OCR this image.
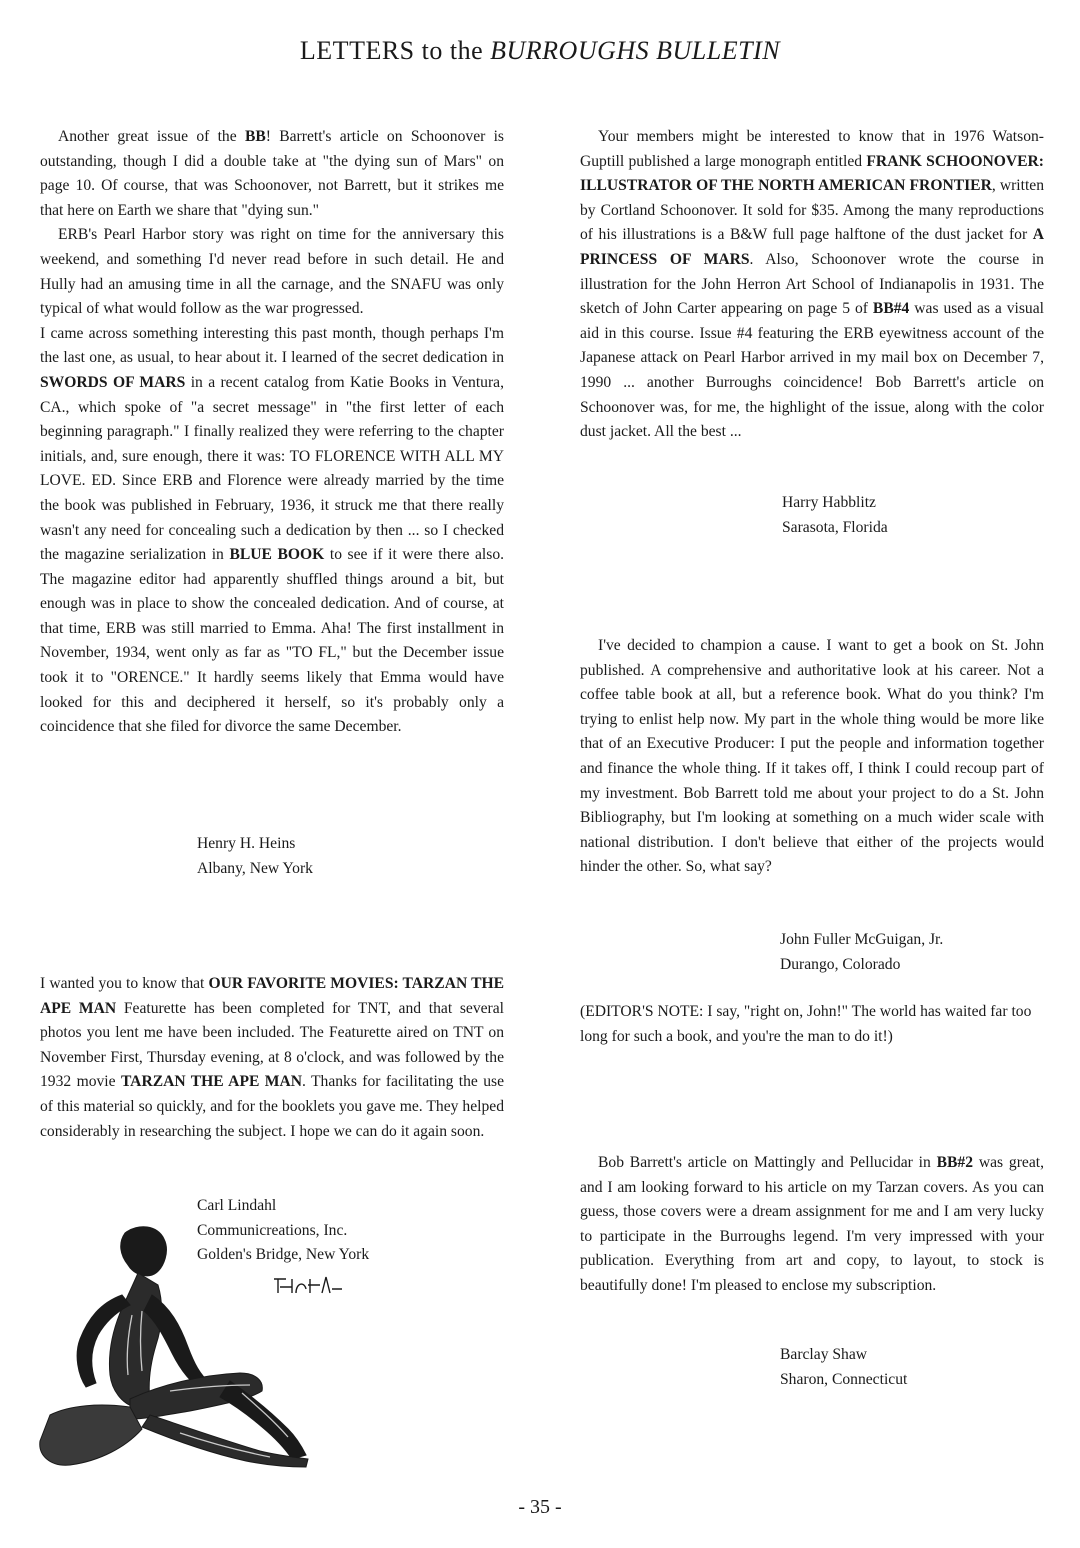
LETTERS to the BURROUGHS BULLETIN

Another great issue of the BB! Barrett's article on Schoonover is outstanding, though I did a double take at "the dying sun of Mars" on page 10. Of course, that was Schoonover, not Barrett, but it strikes me that here on Earth we share that "dying sun."

ERB's Pearl Harbor story was right on time for the anniversary this weekend, and something I'd never read before in such detail. He and Hully had an amusing time in all the carnage, and the SNAFU was only typical of what would follow as the war progressed.

I came across something interesting this past month, though perhaps I'm the last one, as usual, to hear about it. I learned of the secret dedication in SWORDS OF MARS in a recent catalog from Katie Books in Ventura, CA., which spoke of "a secret message" in "the first letter of each beginning paragraph." I finally realized they were referring to the chapter initials, and, sure enough, there it was: TO FLORENCE WITH ALL MY LOVE. ED. Since ERB and Florence were already married by the time the book was published in February, 1936, it struck me that there really wasn't any need for concealing such a dedication by then ... so I checked the magazine serialization in BLUE BOOK to see if it were there also. The magazine editor had apparently shuffled things around a bit, but enough was in place to show the concealed dedication. And of course, at that time, ERB was still married to Emma. Aha! The first installment in November, 1934, went only as far as "TO FL," but the December issue took it to "ORENCE." It hardly seems likely that Emma would have looked for this and deciphered it herself, so it's probably only a coincidence that she filed for divorce the same December.

Henry H. Heins
Albany, New York

I wanted you to know that OUR FAVORITE MOVIES: TARZAN THE APE MAN Featurette has been completed for TNT, and that several photos you lent me have been included. The Featurette aired on TNT on November First, Thursday evening, at 8 o'clock, and was followed by the 1932 movie TARZAN THE APE MAN. Thanks for facilitating the use of this material so quickly, and for the booklets you gave me. They helped considerably in researching the subject. I hope we can do it again soon.

Carl Lindahl
Communicreations, Inc.
Golden's Bridge, New York

Your members might be interested to know that in 1976 Watson-Guptill published a large monograph entitled FRANK SCHOONOVER: ILLUSTRATOR OF THE NORTH AMERICAN FRONTIER, written by Cortland Schoonover. It sold for $35. Among the many reproductions of his illustrations is a B&W full page halftone of the dust jacket for A PRINCESS OF MARS. Also, Schoonover wrote the course in illustration for the John Herron Art School of Indianapolis in 1931. The sketch of John Carter appearing on page 5 of BB#4 was used as a visual aid in this course. Issue #4 featuring the ERB eyewitness account of the Japanese attack on Pearl Harbor arrived in my mail box on December 7, 1990 ... another Burroughs coincidence! Bob Barrett's article on Schoonover was, for me, the highlight of the issue, along with the color dust jacket. All the best ...

Harry Habblitz
Sarasota, Florida

I've decided to champion a cause. I want to get a book on St. John published. A comprehensive and authoritative look at his career. Not a coffee table book at all, but a reference book. What do you think? I'm trying to enlist help now. My part in the whole thing would be more like that of an Executive Producer: I put the people and information together and finance the whole thing. If it takes off, I think I could recoup part of my investment. Bob Barrett told me about your project to do a St. John Bibliography, but I'm looking at something on a much wider scale with national distribution. I don't believe that either of the projects would hinder the other. So, what say?

John Fuller McGuigan, Jr.
Durango, Colorado
(EDITOR'S NOTE: I say, "right on, John!" The world has waited far too long for such a book, and you're the man to do it!)

Bob Barrett's article on Mattingly and Pellucidar in BB#2 was great, and I am looking forward to his article on my Tarzan covers. As you can guess, those covers were a dream assignment for me and I am very lucky to participate in the Burroughs legend. I'm very impressed with your publication. Everything from art and copy, to layout, to stock is beautifully done! I'm pleased to enclose my subscription.

Barclay Shaw
Sharon, Connecticut
- 35 -
